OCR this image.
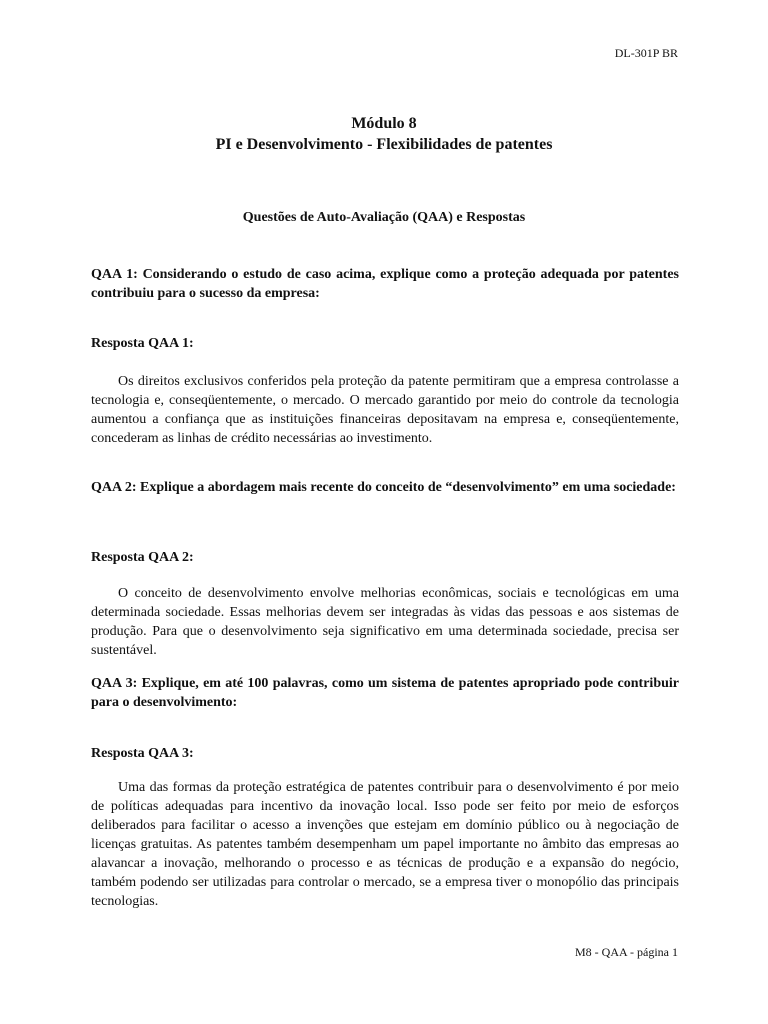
DL-301P BR
Módulo 8
PI e Desenvolvimento - Flexibilidades de patentes
Questões de Auto-Avaliação (QAA) e Respostas
QAA 1: Considerando o estudo de caso acima, explique como a proteção adequada por patentes contribuiu para o sucesso da empresa:
Resposta QAA 1:
Os direitos exclusivos conferidos pela proteção da patente permitiram que a empresa controlasse a tecnologia e, conseqüentemente, o mercado. O mercado garantido por meio do controle da tecnologia aumentou a confiança que as instituições financeiras depositavam na empresa e, conseqüentemente, concederam as linhas de crédito necessárias ao investimento.
QAA 2: Explique a abordagem mais recente do conceito de “desenvolvimento” em uma sociedade:
Resposta QAA 2:
O conceito de desenvolvimento envolve melhorias econômicas, sociais e tecnológicas em uma determinada sociedade. Essas melhorias devem ser integradas às vidas das pessoas e aos sistemas de produção. Para que o desenvolvimento seja significativo em uma determinada sociedade, precisa ser sustentável.
QAA 3: Explique, em até 100 palavras, como um sistema de patentes apropriado pode contribuir para o desenvolvimento:
Resposta QAA 3:
Uma das formas da proteção estratégica de patentes contribuir para o desenvolvimento é por meio de políticas adequadas para incentivo da inovação local. Isso pode ser feito por meio de esforços deliberados para facilitar o acesso a invenções que estejam em domínio público ou à negociação de licenças gratuitas. As patentes também desempenham um papel importante no âmbito das empresas ao alavancar a inovação, melhorando o processo e as técnicas de produção e a expansão do negócio, também podendo ser utilizadas para controlar o mercado, se a empresa tiver o monopólio das principais tecnologias.
M8 - QAA - página 1
